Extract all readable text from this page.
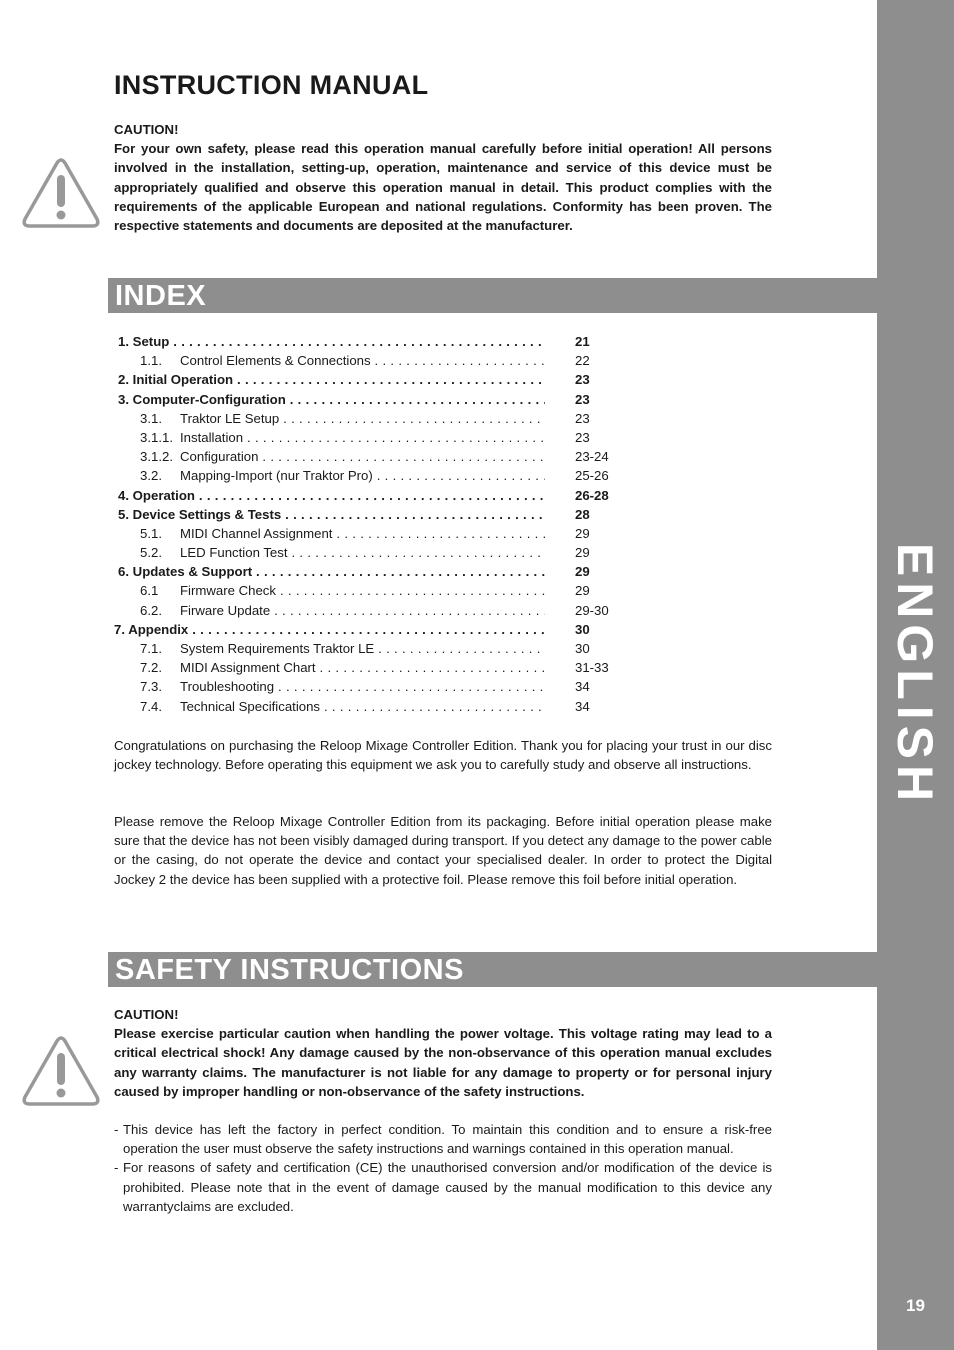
ENGLISH
19
INSTRUCTION MANUAL

CAUTION!

For your own safety, please read this operation manual carefully before initial operation! All persons involved in the installation, setting-up, operation, maintenance and service of this device must be appropriately qualified and observe this operation manual in detail. This product complies with the requirements of the applicable European and national regulations. Conformity has been proven. The respective statements and documents are deposited at the manufacturer.

INDEX
1. Setup . . .	21
1.1. Control Elements & Connections . . .	22
2. Initial Operation . . .	23
3. Computer-Configuration . . .	23
3.1. Traktor LE Setup . . .	23
3.1.1. Installation . . .	23
3.1.2. Configuration . . .	23-24
3.2. Mapping-Import (nur Traktor Pro) . . .	25-26
4. Operation . . .	26-28
5. Device Settings & Tests . . .	28
5.1. MIDI Channel Assignment . . .	29
5.2. LED Function Test . . .	29
6. Updates & Support . . .	29
6.1 Firmware Check . . .	29
6.2. Firware Update . . .	29-30
7. Appendix . . .	30
7.1. System Requirements Traktor LE . . .	30
7.2. MIDI Assignment Chart . . .	31-33
7.3. Troubleshooting . . .	34
7.4. Technical Specifications . . .	34

Congratulations on purchasing the Reloop Mixage Controller Edition. Thank you for placing your trust in our disc jockey technology. Before operating this equipment we ask you to carefully study and observe all instructions.

Please remove the Reloop Mixage Controller Edition from its packaging. Before initial operation please make sure that the device has not been visibly damaged during transport. If you detect any damage to the power cable or the casing, do not operate the device and contact your specialised dealer. In order to protect the Digital Jockey 2 the device has been supplied with a protective foil. Please remove this foil before initial operation.

SAFETY INSTRUCTIONS

CAUTION!

Please exercise particular caution when handling the power voltage. This voltage rating may lead to a critical electrical shock! Any damage caused by the non-observance of this operation manual excludes any warranty claims. The manufacturer is not liable for any damage to property or for personal injury caused by improper handling or non-observance of the safety instructions.

- This device has left the factory in perfect condition. To maintain this condition and to ensure a risk-free operation the user must observe the safety instructions and warnings contained in this operation manual.
- For reasons of safety and certification (CE) the unauthorised conversion and/or modification of the device is prohibited. Please note that in the event of damage caused by the manual modification to this device any warrantyclaims are excluded.
